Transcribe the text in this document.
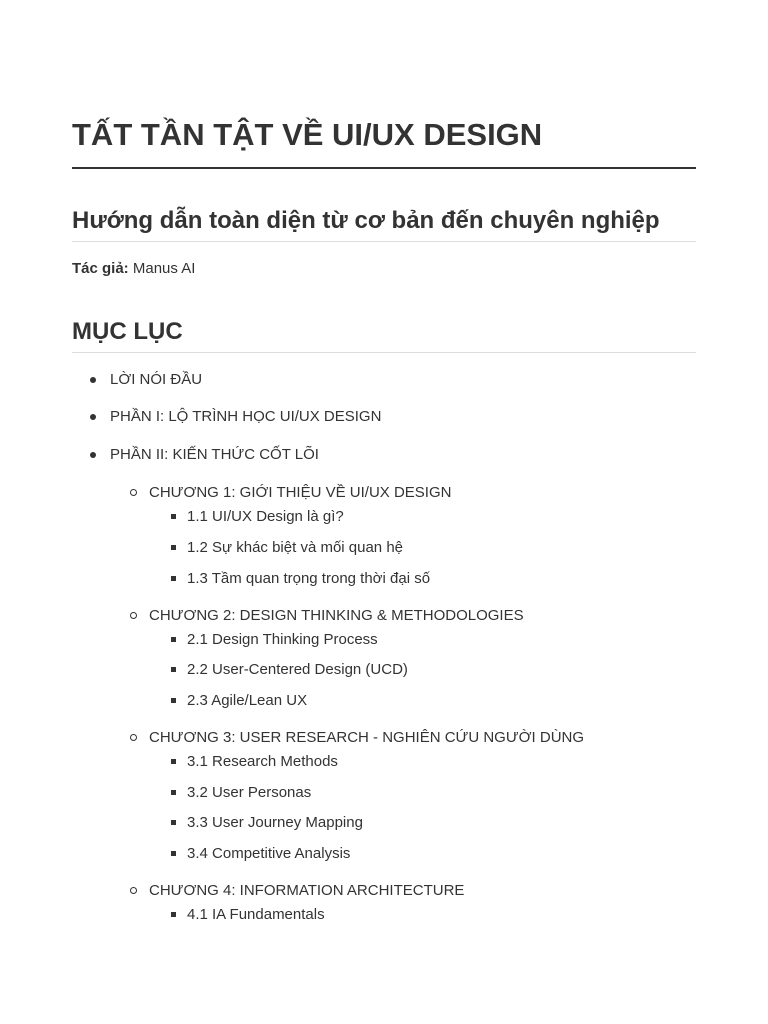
TẤT TẦN TẬT VỀ UI/UX DESIGN
Hướng dẫn toàn diện từ cơ bản đến chuyên nghiệp

Tác giả: Manus AI

MỤC LỤC
LỜI NÓI ĐẦU
PHẦN I: LỘ TRÌNH HỌC UI/UX DESIGN
PHẦN II: KIẾN THỨC CỐT LÕI
CHƯƠNG 1: GIỚI THIỆU VỀ UI/UX DESIGN
1.1 UI/UX Design là gì?
1.2 Sự khác biệt và mối quan hệ
1.3 Tầm quan trọng trong thời đại số
CHƯƠNG 2: DESIGN THINKING & METHODOLOGIES
2.1 Design Thinking Process
2.2 User-Centered Design (UCD)
2.3 Agile/Lean UX
CHƯƠNG 3: USER RESEARCH - NGHIÊN CỨU NGƯỜI DÙNG
3.1 Research Methods
3.2 User Personas
3.3 User Journey Mapping
3.4 Competitive Analysis
CHƯƠNG 4: INFORMATION ARCHITECTURE
4.1 IA Fundamentals
